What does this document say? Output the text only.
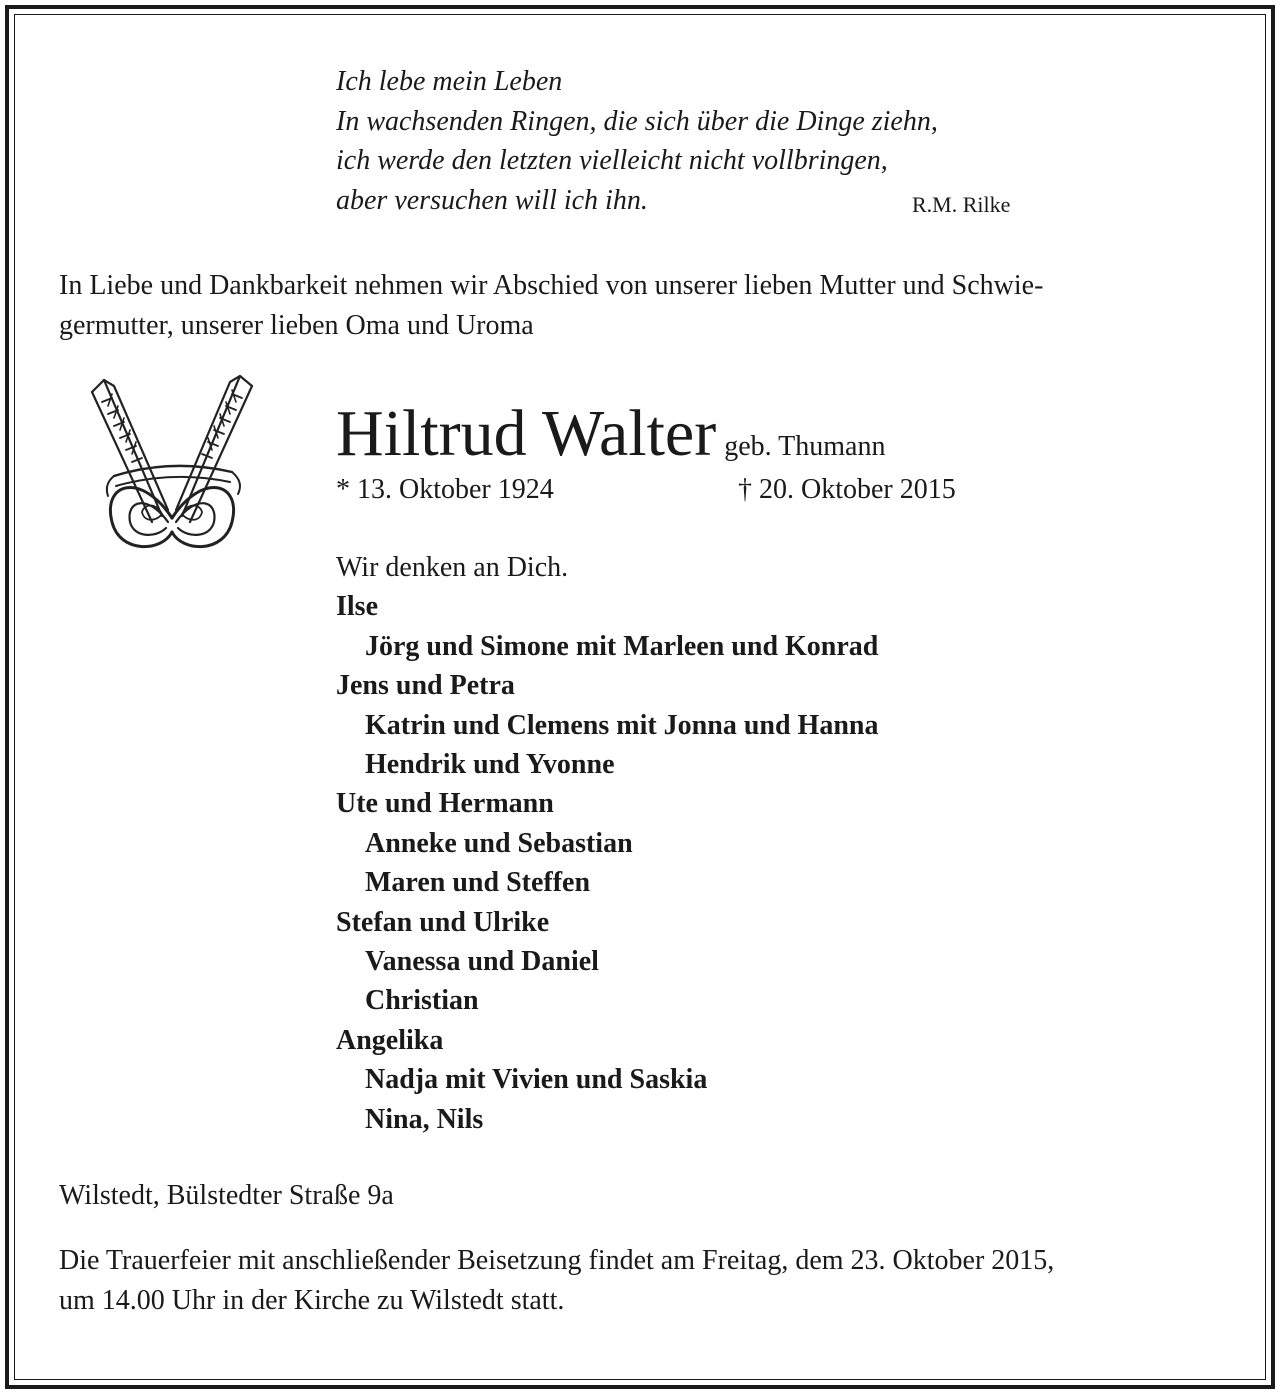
Ich lebe mein Leben
In wachsenden Ringen, die sich über die Dinge ziehn,
ich werde den letzten vielleicht nicht vollbringen,
aber versuchen will ich ihn.	R.M. Rilke
In Liebe und Dankbarkeit nehmen wir Abschied von unserer lieben Mutter und Schwie-
germutter, unserer lieben Oma und Uroma
Hiltrud Walter geb. Thumann
* 13. Oktober 1924	† 20. Oktober 2015
Wir denken an Dich.
Ilse
Jörg und Simone mit Marleen und Konrad
Jens und Petra
Katrin und Clemens mit Jonna und Hanna
Hendrik und Yvonne
Ute und Hermann
Anneke und Sebastian
Maren und Steffen
Stefan und Ulrike
Vanessa und Daniel
Christian
Angelika
Nadja mit Vivien und Saskia
Nina, Nils
Wilstedt, Bülstedter Straße 9a
Die Trauerfeier mit anschließender Beisetzung findet am Freitag, dem 23. Oktober 2015,
um 14.00 Uhr in der Kirche zu Wilstedt statt.
